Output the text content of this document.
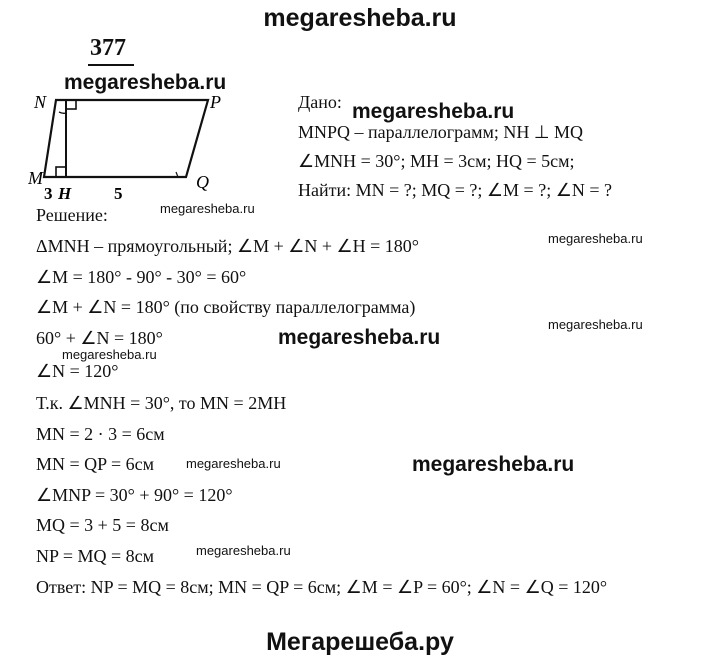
megaresheba.ru
377
megaresheba.ru
N	P
M	Q
3 H	5
Дано: megaresheba.ru
MNPQ – параллелограмм; NH ⊥ MQ
∠MNH = 30°; MH = 3см; HQ = 5см;
Найти: MN = ?; MQ = ?; ∠M = ?; ∠N = ?
megaresheba.ru
Решение:
ΔMNH – прямоугольный; ∠M + ∠N + ∠H = 180°	megaresheba.ru
∠M = 180° - 90° - 30° = 60°
∠M + ∠N = 180° (по свойству параллелограмма)
megaresheba.ru
megaresheba.ru
60° + ∠N = 180°
megaresheba.ru
∠N = 120°
Т.к. ∠MNH = 30°, то MN = 2MH
MN = 2 · 3 = 6см
MN = QP = 6см megaresheba.ru	megaresheba.ru
∠MNP = 30° + 90° = 120°
MQ = 3 + 5 = 8см
NP = MQ = 8см	megaresheba.ru
Ответ: NP = MQ = 8см; MN = QP = 6см; ∠M = ∠P = 60°; ∠N = ∠Q = 120°
Мегарешеба.ру
